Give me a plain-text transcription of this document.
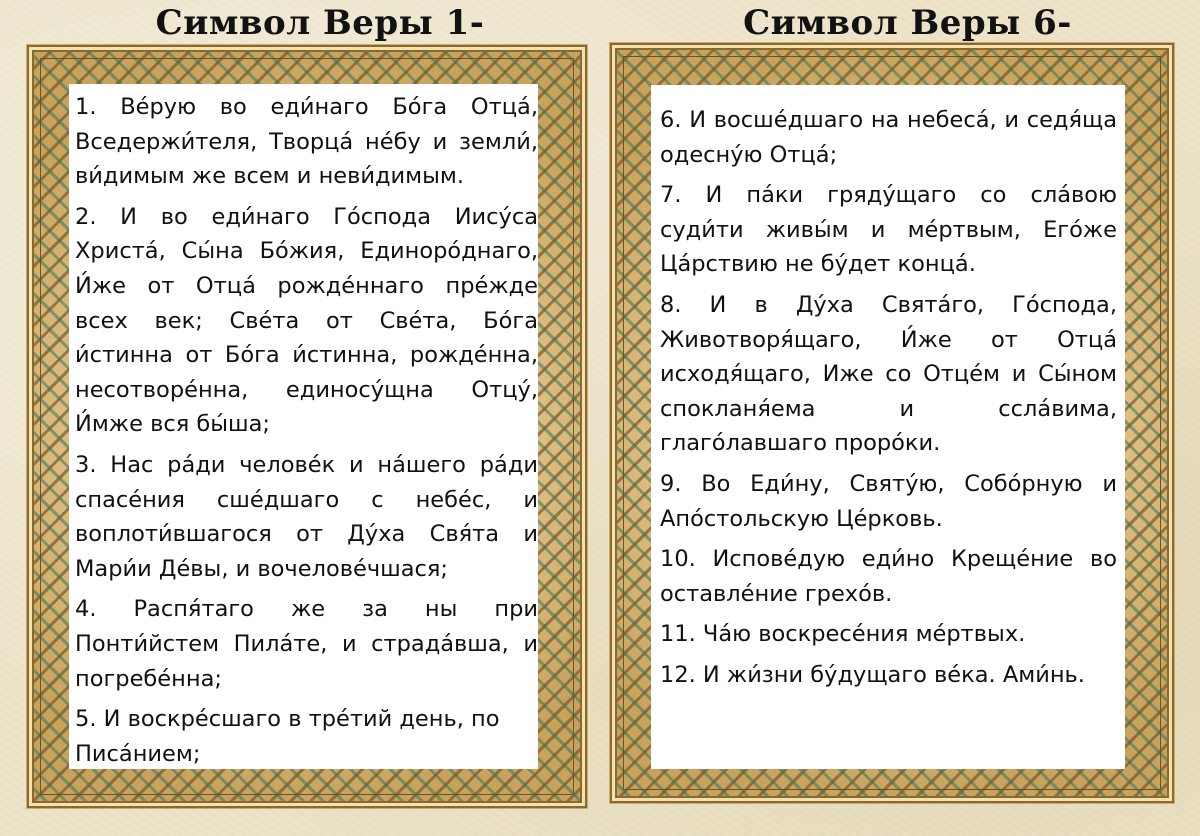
Символ Веры 1-	Символ Веры 6-

1. Ве́рую во еди́наго Бо́га Отца́, Вседержи́теля, Творца́ не́бу и земли́, ви́димым же всем и неви́димым.

2. И во еди́наго Го́спода Иису́са Христа́, Сы́на Бо́жия, Единоро́днаго, И́же от Отца́ рожде́ннаго пре́жде всех век; Све́та от Све́та, Бо́га и́стинна от Бо́га и́стинна, рожде́нна, несотворе́нна, единосу́щна Отцу́, И́мже вся бы́ша;

3. Нас ра́ди челове́к и на́шего ра́ди спасе́ния сше́дшаго с небе́с, и воплоти́вшагося от Ду́ха Свя́та и Мари́и Де́вы, и вочелове́чшася;

4. Распя́таго же за ны при Понти́йстем Пила́те, и страда́вша, и погребе́нна;

5. И воскре́сшаго в тре́тий день, по Писа́нием;

6. И восше́дшаго на небеса́, и седя́ща одесну́ю Отца́;

7. И па́ки гряду́щаго со сла́вою суди́ти живы́м и ме́ртвым, Его́же Ца́рствию не бу́дет конца́.

8. И в Ду́ха Свята́го, Го́спода, Животворя́щаго, И́же от Отца́ исходя́щаго, Иже со Отце́м и Сы́ном спокланя́ема и ссла́вима, глаго́лавшаго проро́ки.

9. Во Еди́ну, Святу́ю, Собо́рную и Апо́стольскую Це́рковь.

10. Испове́дую еди́но Креще́ние во оставле́ние грехо́в.

11. Ча́ю воскресе́ния ме́ртвых.

12. И жи́зни бу́дущаго ве́ка. Ами́нь.
